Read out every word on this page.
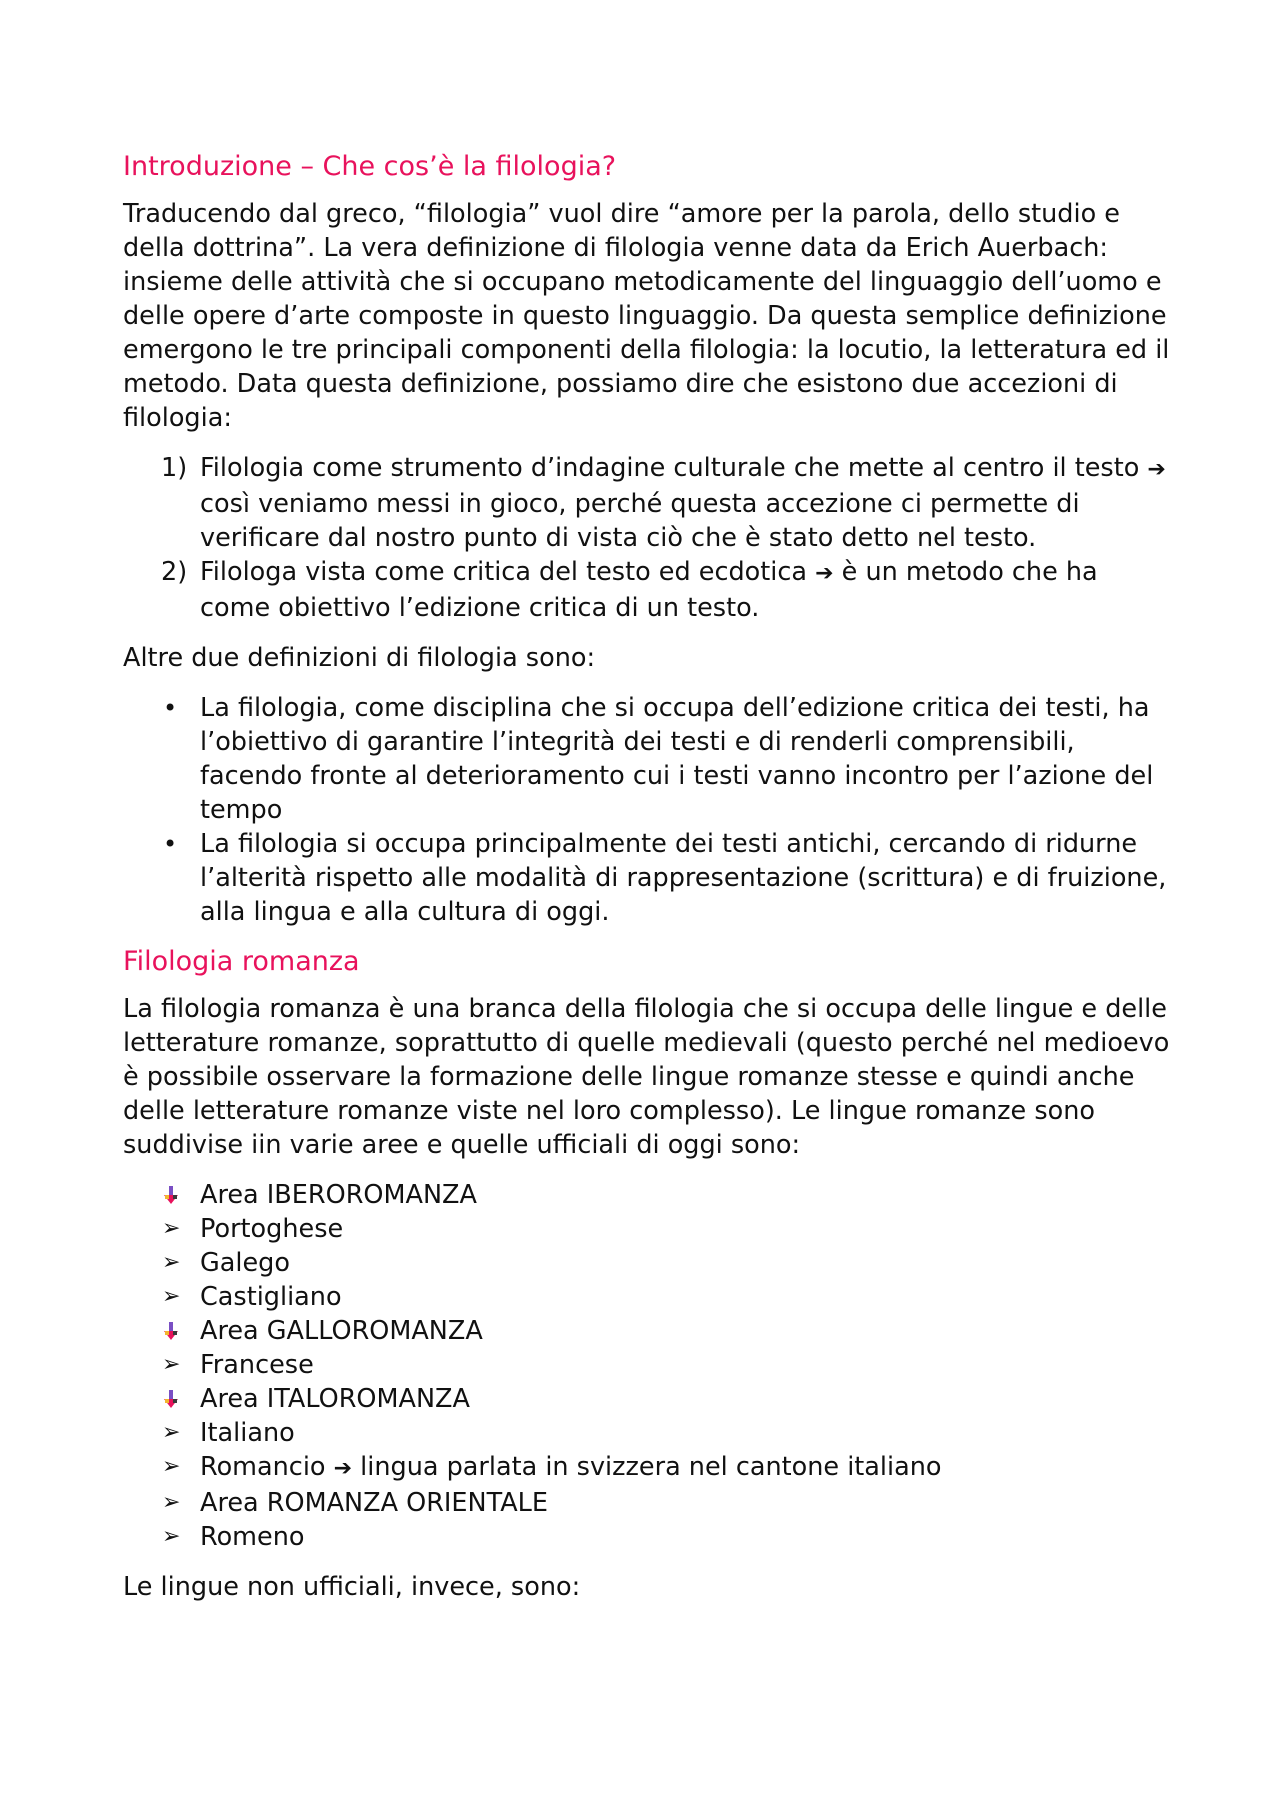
Introduzione – Che cos’è la filologia?

Traducendo dal greco, “filologia” vuol dire “amore per la parola, dello studio e della dottrina”. La vera definizione di filologia venne data da Erich Auerbach: insieme delle attività che si occupano metodicamente del linguaggio dell’uomo e delle opere d’arte composte in questo linguaggio. Da questa semplice definizione emergono le tre principali componenti della filologia: la locutio, la letteratura ed il metodo. Data questa definizione, possiamo dire che esistono due accezioni di filologia:

1) Filologia come strumento d’indagine culturale che mette al centro il testo ➔ così veniamo messi in gioco, perché questa accezione ci permette di verificare dal nostro punto di vista ciò che è stato detto nel testo.
2) Filologa vista come critica del testo ed ecdotica ➔ è un metodo che ha come obiettivo l’edizione critica di un testo.

Altre due definizioni di filologia sono:

• La filologia, come disciplina che si occupa dell’edizione critica dei testi, ha l’obiettivo di garantire l’integrità dei testi e di renderli comprensibili, facendo fronte al deterioramento cui i testi vanno incontro per l’azione del tempo
• La filologia si occupa principalmente dei testi antichi, cercando di ridurne l’alterità rispetto alle modalità di rappresentazione (scrittura) e di fruizione, alla lingua e alla cultura di oggi.
Filologia romanza

La filologia romanza è una branca della filologia che si occupa delle lingue e delle letterature romanze, soprattutto di quelle medievali (questo perché nel medioevo è possibile osservare la formazione delle lingue romanze stesse e quindi anche delle letterature romanze viste nel loro complesso). Le lingue romanze sono suddivise iin varie aree e quelle ufficiali di oggi sono:

Area IBEROROMANZA
➢ Portoghese
➢ Galego
➢ Castigliano
Area GALLOROMANZA
➢ Francese
Area ITALOROMANZA
➢ Italiano
➢ Romancio ➔ lingua parlata in svizzera nel cantone italiano
➢ Area ROMANZA ORIENTALE
➢ Romeno

Le lingue non ufficiali, invece, sono:
